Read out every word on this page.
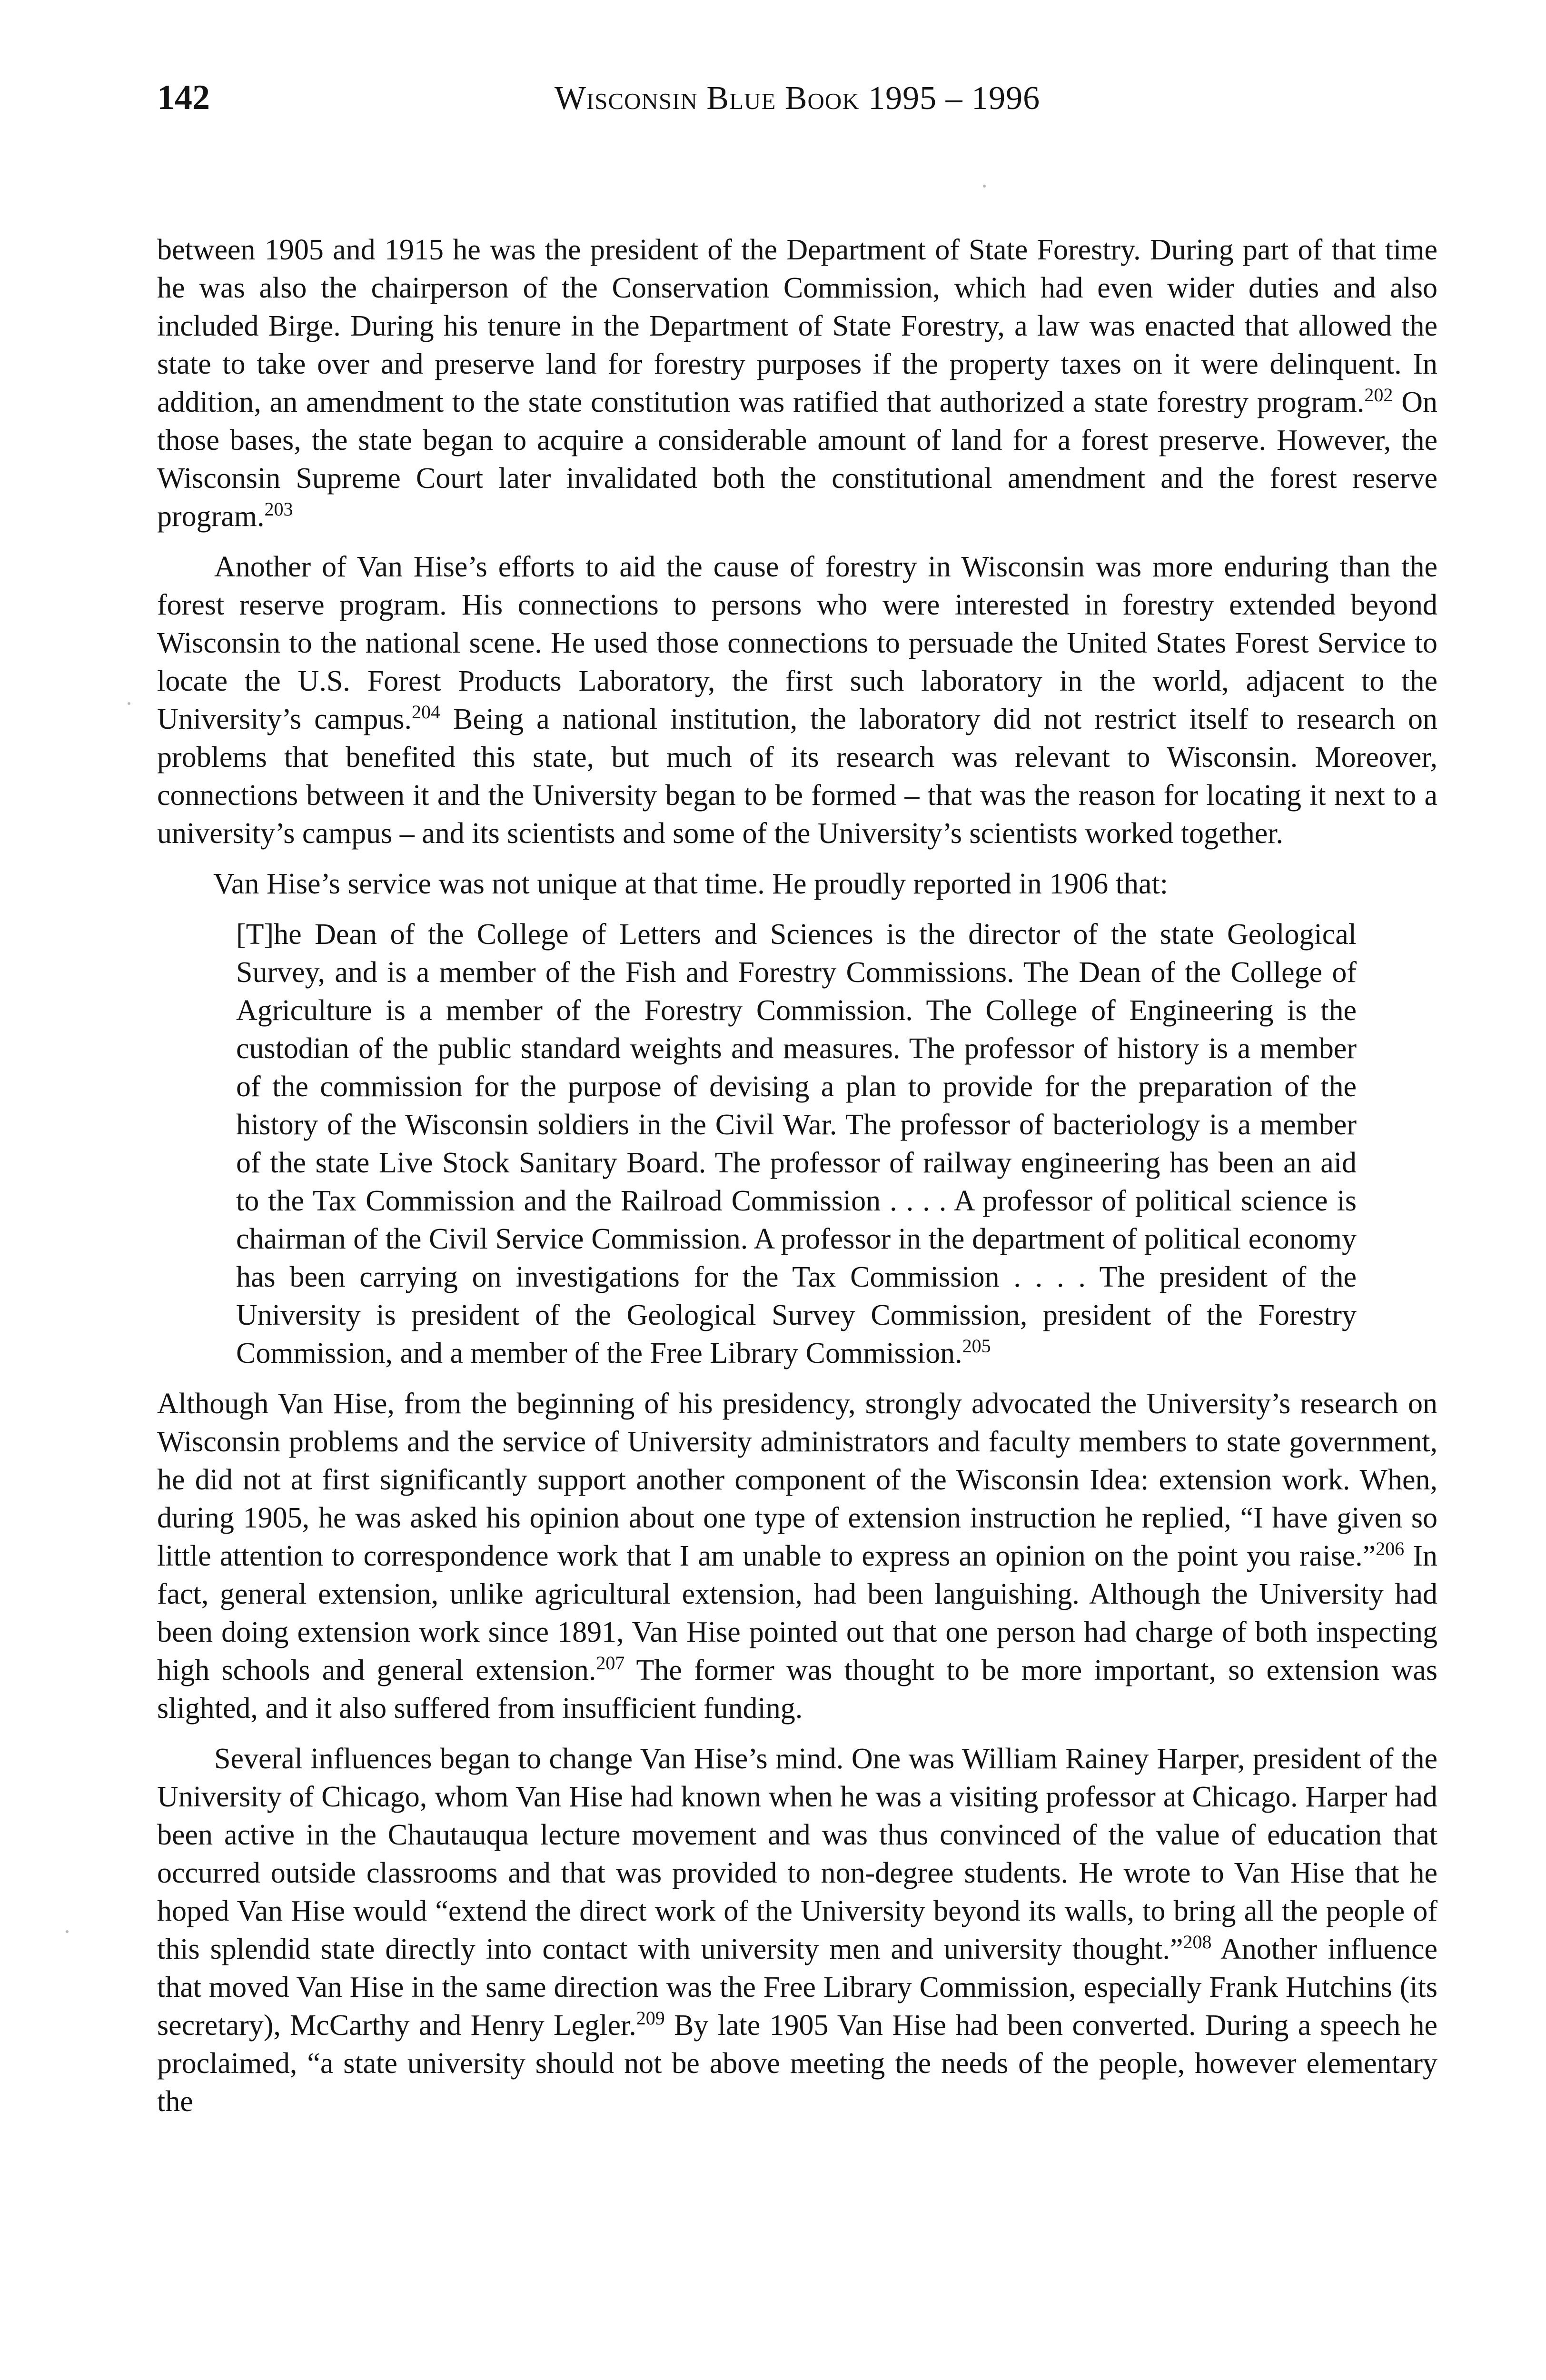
142	Wisconsin Blue Book 1995 – 1996

between 1905 and 1915 he was the president of the Department of State Forestry. During part of that time he was also the chairperson of the Conservation Commission, which had even wider duties and also included Birge. During his tenure in the Department of State Forestry, a law was enacted that allowed the state to take over and preserve land for forestry purposes if the property taxes on it were delinquent. In addition, an amendment to the state constitution was ratified that authorized a state forestry program.$^{202}$ On those bases, the state began to acquire a considerable amount of land for a forest preserve. However, the Wisconsin Supreme Court later invalidated both the constitutional amendment and the forest reserve program.$^{203}$

Another of Van Hise’s efforts to aid the cause of forestry in Wisconsin was more enduring than the forest reserve program. His connections to persons who were interested in forestry extended beyond Wisconsin to the national scene. He used those connections to persuade the United States Forest Service to locate the U.S. Forest Products Laboratory, the first such laboratory in the world, adjacent to the University’s campus.$^{204}$ Being a national institution, the laboratory did not restrict itself to research on problems that benefited this state, but much of its research was relevant to Wisconsin. Moreover, connections between it and the University began to be formed – that was the reason for locating it next to a university’s campus – and its scientists and some of the University’s scientists worked together.

Van Hise’s service was not unique at that time. He proudly reported in 1906 that:

[T]he Dean of the College of Letters and Sciences is the director of the state Geological Survey, and is a member of the Fish and Forestry Commissions. The Dean of the College of Agriculture is a member of the Forestry Commission. The College of Engineering is the custodian of the public standard weights and measures. The professor of history is a member of the commission for the purpose of devising a plan to provide for the preparation of the history of the Wisconsin soldiers in the Civil War. The professor of bacteriology is a member of the state Live Stock Sanitary Board. The professor of railway engineering has been an aid to the Tax Commission and the Railroad Commission . . . . A professor of political science is chairman of the Civil Service Commission. A professor in the department of political economy has been carrying on investigations for the Tax Commission . . . . The president of the University is president of the Geological Survey Commission, president of the Forestry Commission, and a member of the Free Library Commission.$^{205}$

Although Van Hise, from the beginning of his presidency, strongly advocated the University’s research on Wisconsin problems and the service of University administrators and faculty members to state government, he did not at first significantly support another component of the Wisconsin Idea: extension work. When, during 1905, he was asked his opinion about one type of extension instruction he replied, “I have given so little attention to correspondence work that I am unable to express an opinion on the point you raise.”$^{206}$ In fact, general extension, unlike agricultural extension, had been languishing. Although the University had been doing extension work since 1891, Van Hise pointed out that one person had charge of both inspecting high schools and general extension.$^{207}$ The former was thought to be more important, so extension was slighted, and it also suffered from insufficient funding.

Several influences began to change Van Hise’s mind. One was William Rainey Harper, president of the University of Chicago, whom Van Hise had known when he was a visiting professor at Chicago. Harper had been active in the Chautauqua lecture movement and was thus convinced of the value of education that occurred outside classrooms and that was provided to non-degree students. He wrote to Van Hise that he hoped Van Hise would “extend the direct work of the University beyond its walls, to bring all the people of this splendid state directly into contact with university men and university thought.”$^{208}$ Another influence that moved Van Hise in the same direction was the Free Library Commission, especially Frank Hutchins (its secretary), McCarthy and Henry Legler.$^{209}$ By late 1905 Van Hise had been converted. During a speech he proclaimed, “a state university should not be above meeting the needs of the people, however elementary the
